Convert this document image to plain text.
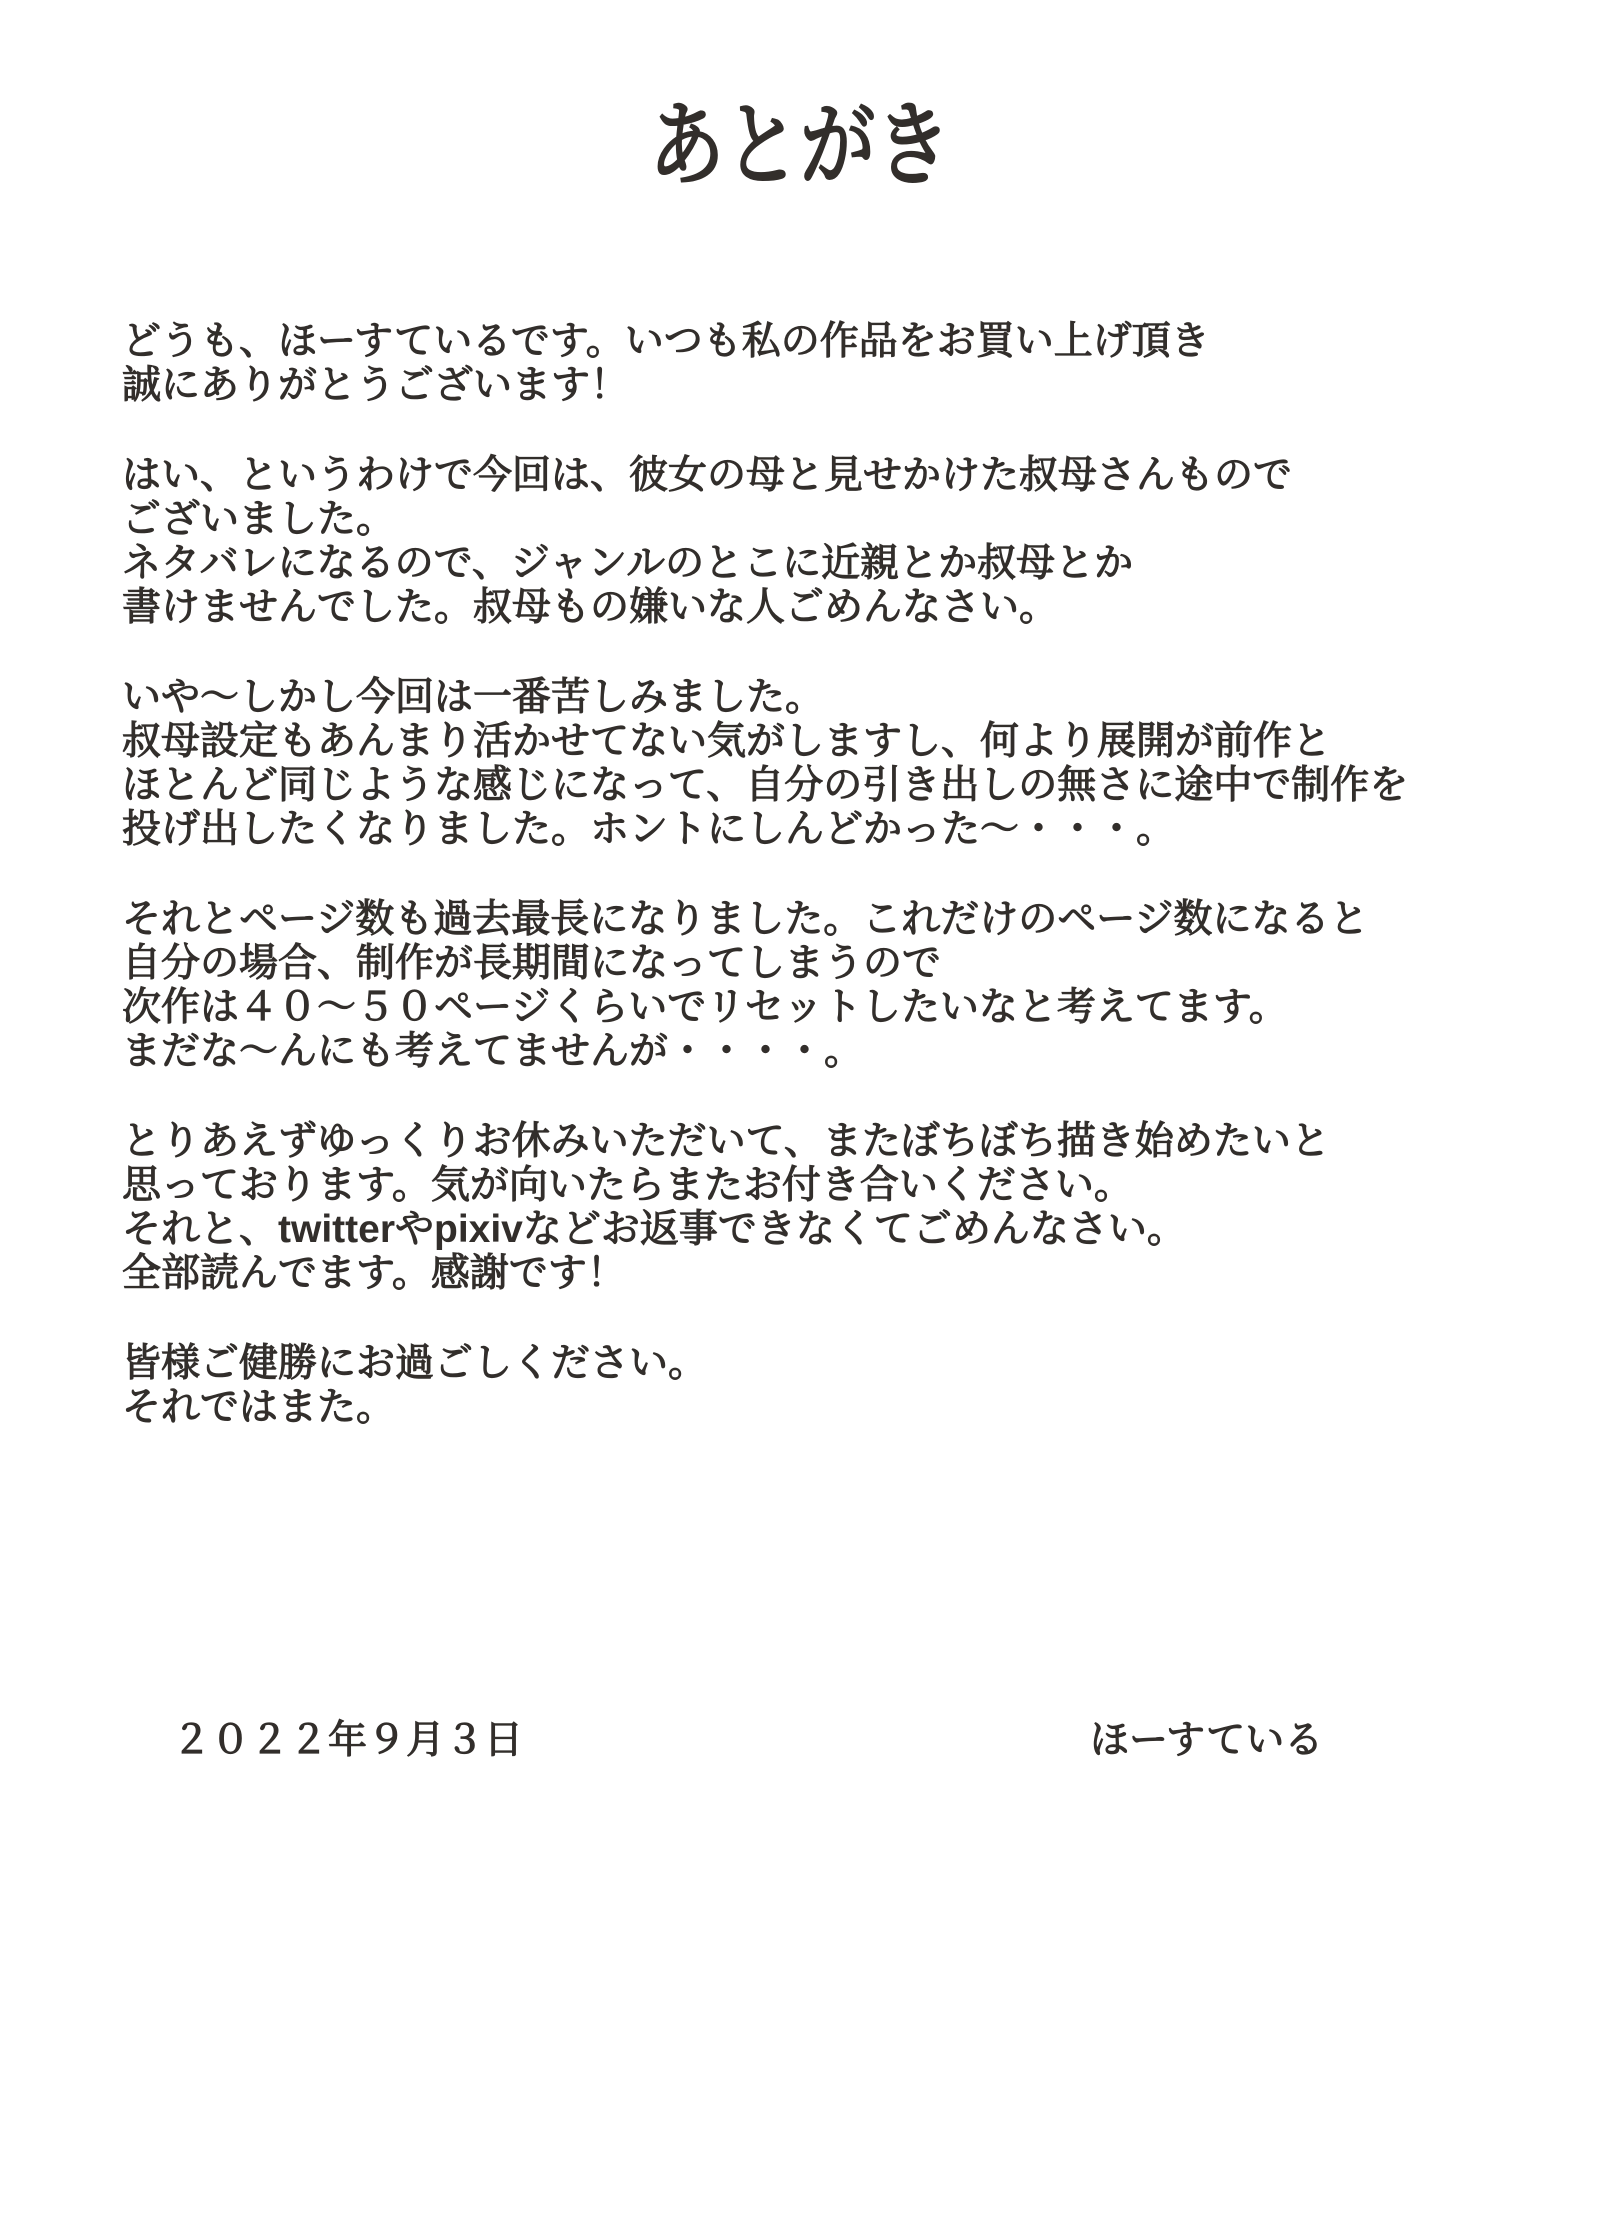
あとがき

どうも、ほーすているです。いつも私の作品をお買い上げ頂き
誠にありがとうございます！

はい、というわけで今回は、彼女の母と見せかけた叔母さんもので
ございました。
ネタバレになるので、ジャンルのとこに近親とか叔母とか
書けませんでした。叔母もの嫌いな人ごめんなさい。

いや〜しかし今回は一番苦しみました。
叔母設定もあんまり活かせてない気がしますし、何より展開が前作と
ほとんど同じような感じになって、自分の引き出しの無さに途中で制作を
投げ出したくなりました。ホントにしんどかった〜・・・。

それとページ数も過去最長になりました。これだけのページ数になると
自分の場合、制作が長期間になってしまうので
次作は４０〜５０ページくらいでリセットしたいなと考えてます。
まだな〜んにも考えてませんが・・・・。

とりあえずゆっくりお休みいただいて、またぼちぼち描き始めたいと
思っております。気が向いたらまたお付き合いください。
それと、twitterやpixivなどお返事できなくてごめんなさい。
全部読んでます。感謝です！

皆様ご健勝にお過ごしください。
それではまた。

２０２２年９月３日	ほーすている
